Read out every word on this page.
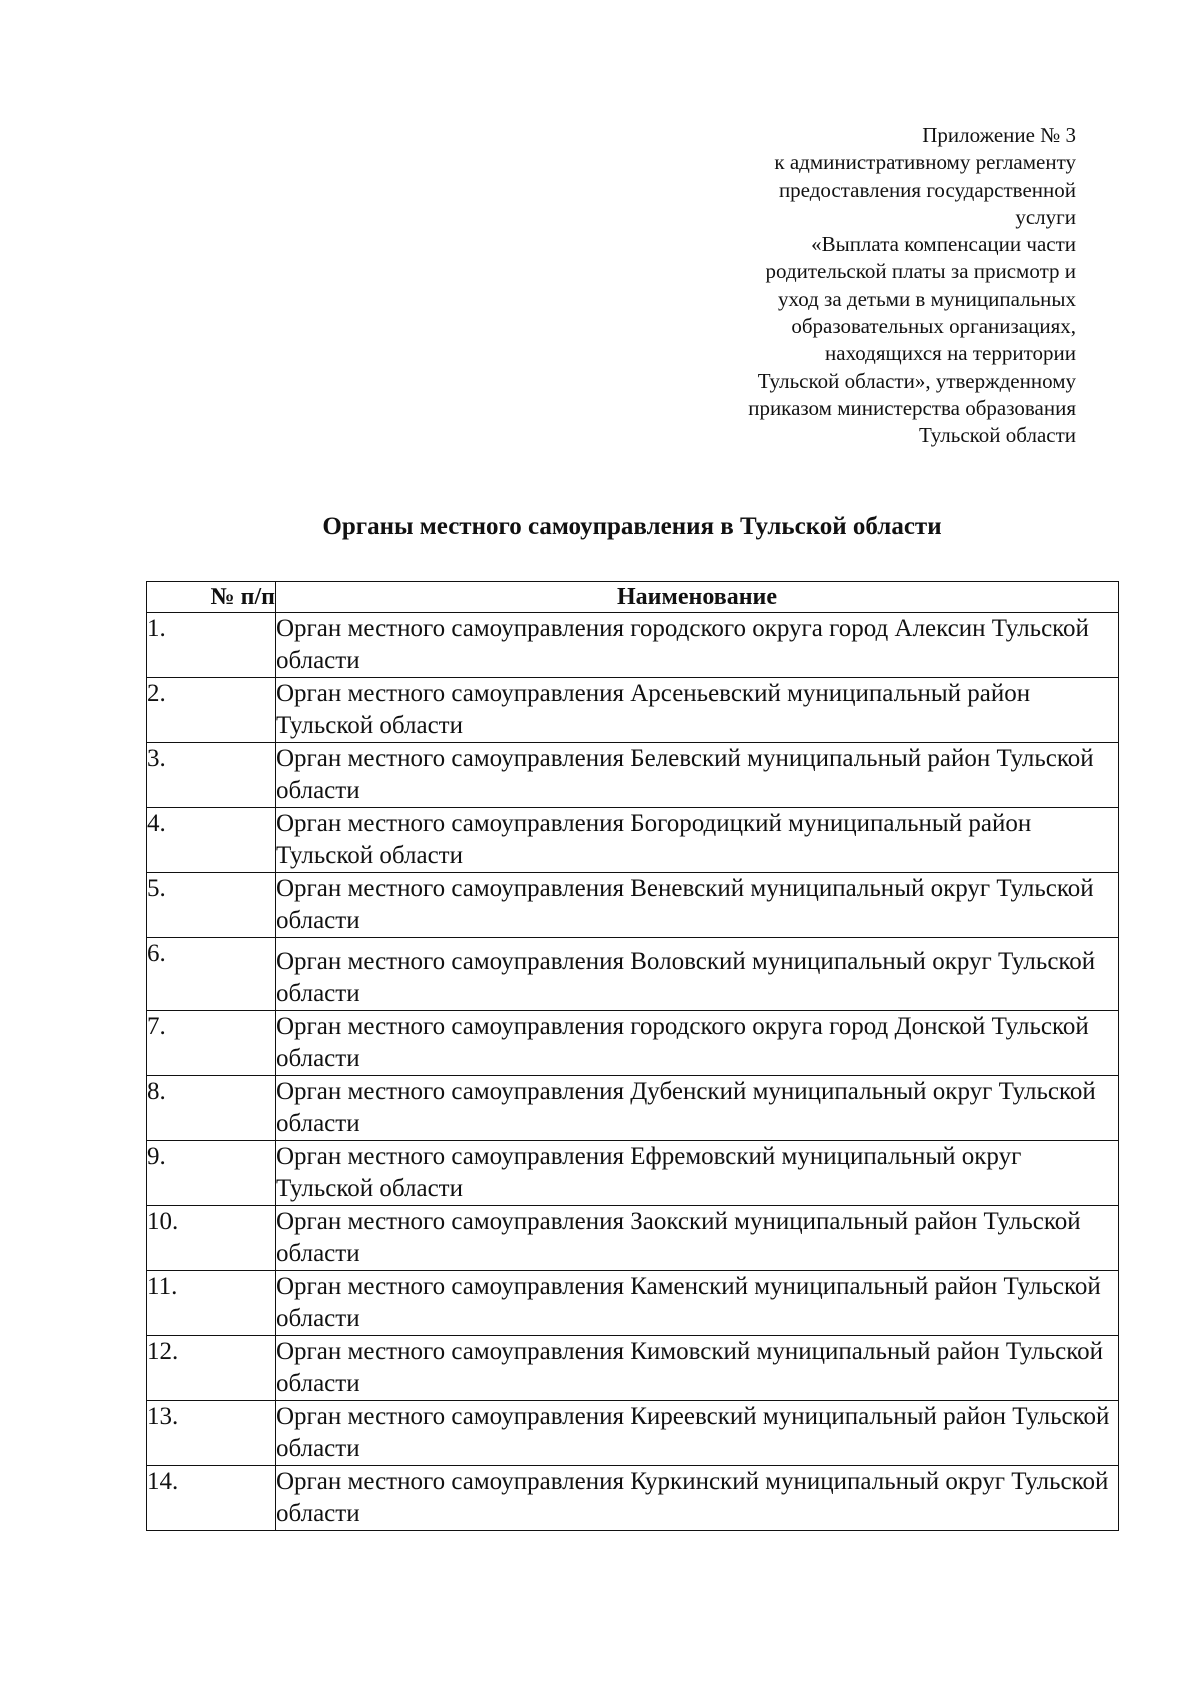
Приложение № 3
к административному регламенту
предоставления государственной
услуги
«Выплата компенсации части
родительской платы за присмотр и
уход за детьми в муниципальных
образовательных организациях,
находящихся на территории
Тульской области», утвержденному
приказом министерства образования
Тульской области
Органы местного самоуправления в Тульской области
№ п/п	Наименование
1.	Орган местного самоуправления городского округа город Алексин Тульской области

2.	Орган местного самоуправления Арсеньевский муниципальный район Тульской области

3.	Орган местного самоуправления Белевский муниципальный район Тульской области

4.	Орган местного самоуправления Богородицкий муниципальный район Тульской области

5.	Орган местного самоуправления Веневский муниципальный округ Тульской области

6.	Орган местного самоуправления Воловский муниципальный округ Тульской области

7.	Орган местного самоуправления городского округа город Донской Тульской области

8.	Орган местного самоуправления Дубенский муниципальный округ Тульской области

9.	Орган местного самоуправления Ефремовский муниципальный округ Тульской области

10.	Орган местного самоуправления Заокский муниципальный район Тульской области

11.	Орган местного самоуправления Каменский муниципальный район Тульской области

12.	Орган местного самоуправления Кимовский муниципальный район Тульской области

13.	Орган местного самоуправления Киреевский муниципальный район Тульской области

14.	Орган местного самоуправления Куркинский муниципальный округ Тульской области
